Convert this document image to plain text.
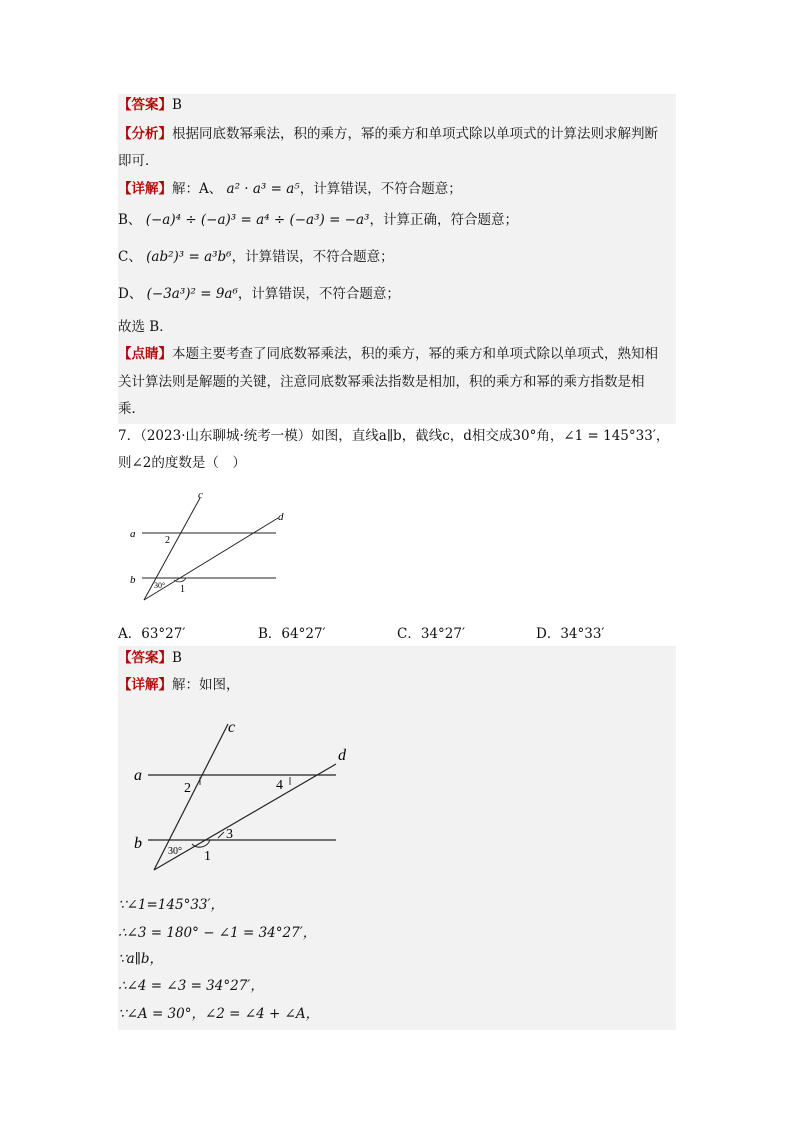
【答案】B
【分析】根据同底数幂乘法，积的乘方，幂的乘方和单项式除以单项式的计算法则求解判断
即可．
【详解】解：A、 a² · a³ = a⁵，计算错误，不符合题意；
B、 (−a)⁴ ÷ (−a)³ = a⁴ ÷ (−a³) = −a³，计算正确，符合题意；
C、 (ab²)³ = a³b⁶，计算错误，不符合题意；
D、 (−3a³)² = 9a⁶，计算错误，不符合题意；
故选 B．
【点睛】本题主要考查了同底数幂乘法，积的乘方，幂的乘方和单项式除以单项式，熟知相
关计算法则是解题的关键，注意同底数幂乘法指数是相加，积的乘方和幂的乘方指数是相
乘．
7．（2023·山东聊城·统考一模）如图，直线a∥b，截线c，d相交成30°角，∠1 = 145°33′，
则∠2的度数是（　）
c
d
a
b
2
1
30°
A．63°27′	B．64°27′	C．34°27′	D．34°33′
【答案】B
【详解】解：如图，
c
d
a
b
2	4
3
1
30°
∵∠1=145°33′，
∴∠3 = 180° − ∠1 = 34°27′，
∵a∥b，
∴∠4 = ∠3 = 34°27′，
∵∠A = 30°，∠2 = ∠4 + ∠A，
